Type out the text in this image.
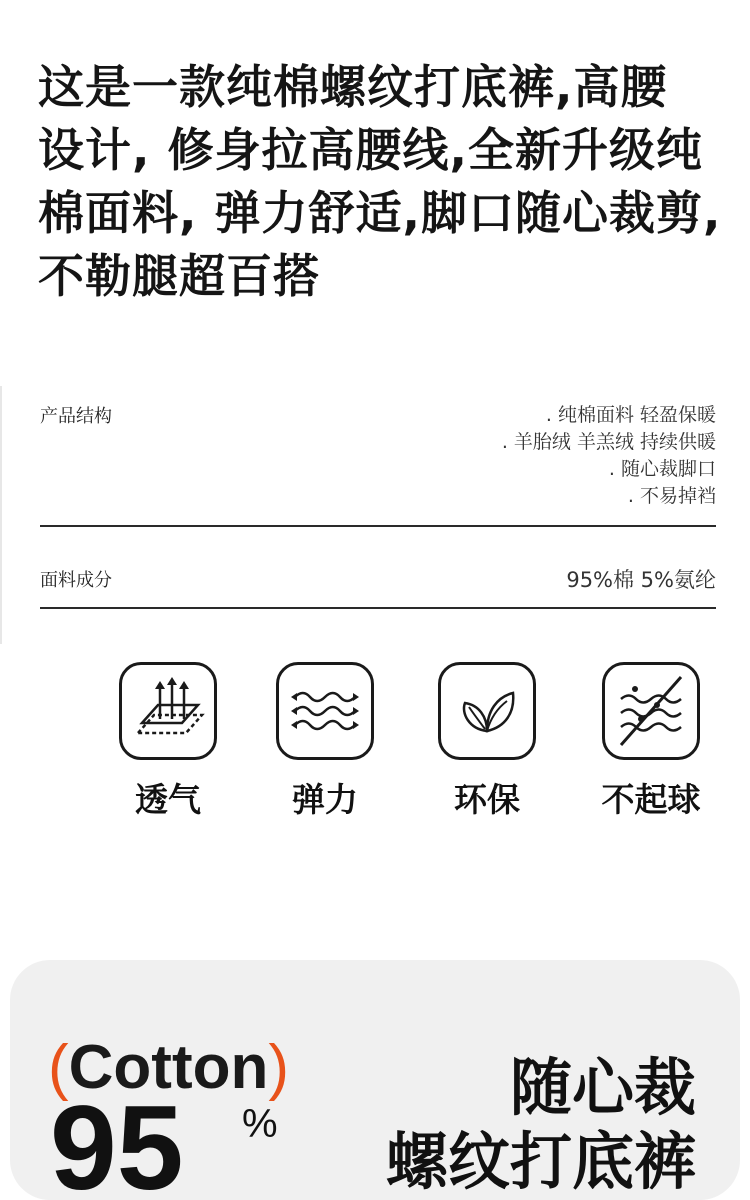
这是一款纯棉螺纹打底裤,高腰
设计, 修身拉高腰线,全新升级纯
棉面料, 弹力舒适,脚口随心裁剪,
不勒腿超百搭
产品结构	. 纯棉面料 轻盈保暖
. 羊胎绒 羊羔绒 持续供暖
. 随心裁脚口
. 不易掉裆
面料成分	95%棉 5%氨纶
透气	弹力	环保	不起球
(Cotton)
95 %	随心裁
螺纹打底裤
